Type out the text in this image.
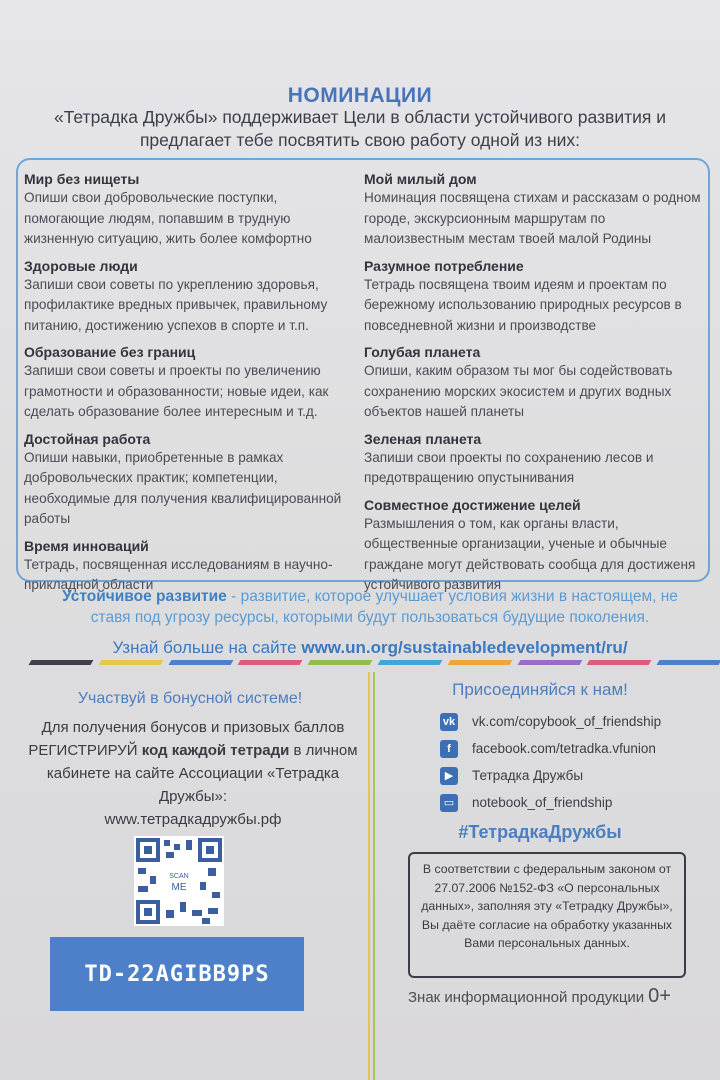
НОМИНАЦИИ
«Тетрадка Дружбы» поддерживает Цели в области устойчивого развития и предлагает тебе посвятить свою работу одной из них:
Мир без нищеты
Опиши свои добровольческие поступки, помогающие людям, попавшим в трудную жизненную ситуацию, жить более комфортно
Здоровые люди
Запиши свои советы по укреплению здоровья, профилактике вредных привычек, правильному питанию, достижению успехов в спорте и т.п.
Образование без границ
Запиши свои советы и проекты по увеличению грамотности и образованности; новые идеи, как сделать образование более интересным и т.д.
Достойная работа
Опиши навыки, приобретенные в рамках добровольческих практик; компетенции, необходимые для получения квалифицированной работы
Время инноваций
Тетрадь, посвященная исследованиям в научно-прикладной области
Мой милый дом
Номинация посвящена стихам и рассказам о родном городе, экскурсионным маршрутам по малоизвестным местам твоей малой Родины
Разумное потребление
Тетрадь посвящена твоим идеям и проектам по бережному использованию природных ресурсов в повседневной жизни и производстве
Голубая планета
Опиши, каким образом ты мог бы содействовать сохранению морских экосистем и других водных объектов нашей планеты
Зеленая планета
Запиши свои проекты по сохранению лесов и предотвращению опустынивания
Совместное достижение целей
Размышления о том, как органы власти, общественные организации, ученые и обычные граждане могут действовать сообща для достиженя устойчивого развития
Устойчивое развитие - развитие, которое улучшает условия жизни в настоящем, не ставя под угрозу ресурсы, которыми будут пользоваться будущие поколения.
Узнай больше на сайте www.un.org/sustainabledevelopment/ru/
Участвуй в бонусной системе!
Для получения бонусов и призовых баллов РЕГИСТРИРУЙ код каждой тетради в личном кабинете на сайте Ассоциации «Тетрадка Дружбы»:
www.тетрадкадружбы.рф
SCAN
ME
TD-22AGIBB9PS
Присоединяйся к нам!
vk vk.com/copybook_of_friendship
f	facebook.com/tetradka.vfunion
▶	Тетрадка Дружбы
▭ notebook_of_friendship
#ТетрадкаДружбы
В соответствии с федеральным законом от 27.07.2006 №152-ФЗ «О персональных данных», заполняя эту «Тетрадку Дружбы», Вы даёте согласие на обработку указанных Вами персональных данных.
Знак информационной продукции 0+
